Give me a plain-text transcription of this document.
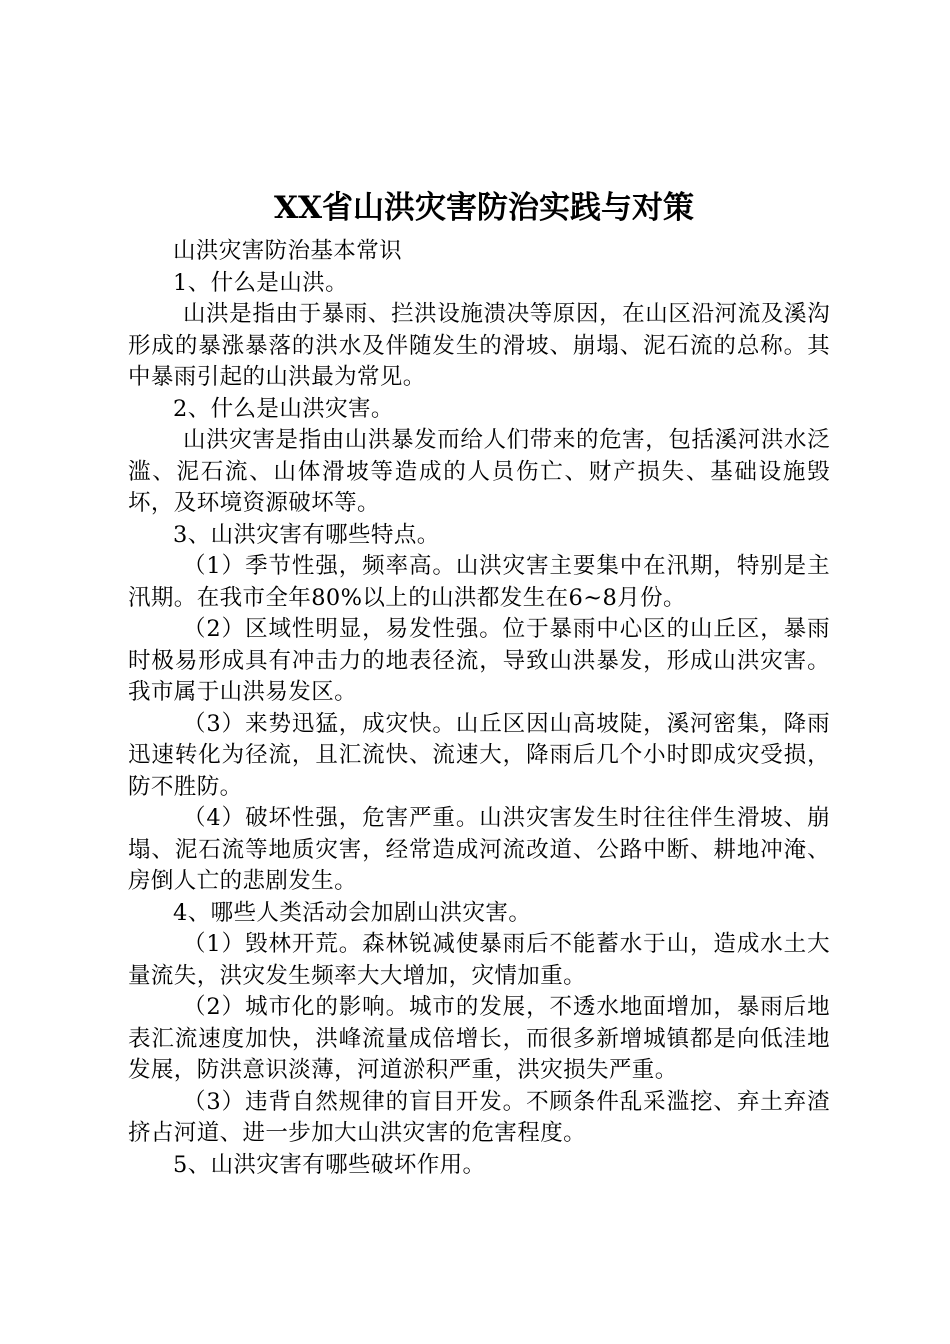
XX省山洪灾害防治实践与对策

山洪灾害防治基本常识

1、什么是山洪。

山洪是指由于暴雨、拦洪设施溃决等原因，在山区沿河流及溪沟形成的暴涨暴落的洪水及伴随发生的滑坡、崩塌、泥石流的总称。其中暴雨引起的山洪最为常见。

2、什么是山洪灾害。

山洪灾害是指由山洪暴发而给人们带来的危害，包括溪河洪水泛滥、泥石流、山体滑坡等造成的人员伤亡、财产损失、基础设施毁坏，及环境资源破坏等。

3、山洪灾害有哪些特点。

（1）季节性强，频率高。山洪灾害主要集中在汛期，特别是主汛期。在我市全年80%以上的山洪都发生在6~8月份。

（2）区域性明显，易发性强。位于暴雨中心区的山丘区，暴雨时极易形成具有冲击力的地表径流，导致山洪暴发，形成山洪灾害。我市属于山洪易发区。

（3）来势迅猛，成灾快。山丘区因山高坡陡，溪河密集，降雨迅速转化为径流，且汇流快、流速大，降雨后几个小时即成灾受损，防不胜防。

（4）破坏性强，危害严重。山洪灾害发生时往往伴生滑坡、崩塌、泥石流等地质灾害，经常造成河流改道、公路中断、耕地冲淹、房倒人亡的悲剧发生。

4、哪些人类活动会加剧山洪灾害。

（1）毁林开荒。森林锐减使暴雨后不能蓄水于山，造成水土大量流失，洪灾发生频率大大增加，灾情加重。

（2）城市化的影响。城市的发展，不透水地面增加，暴雨后地表汇流速度加快，洪峰流量成倍增长，而很多新增城镇都是向低洼地发展，防洪意识淡薄，河道淤积严重，洪灾损失严重。

（3）违背自然规律的盲目开发。不顾条件乱采滥挖、弃土弃渣挤占河道、进一步加大山洪灾害的危害程度。

5、山洪灾害有哪些破坏作用。
